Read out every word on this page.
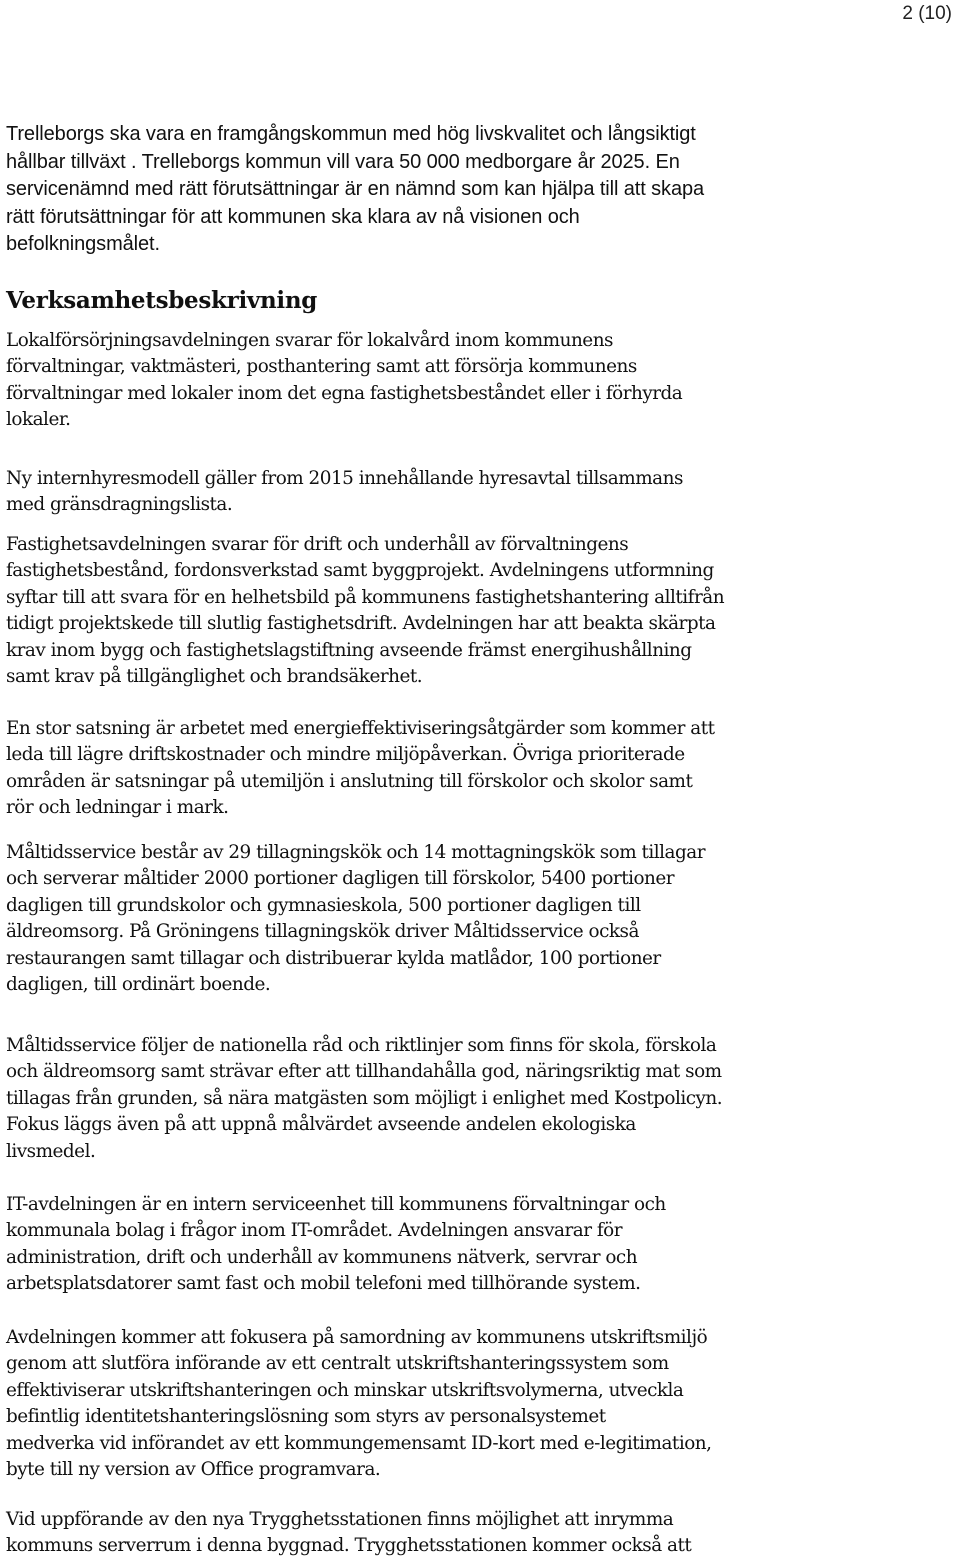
2 (10)

Trelleborgs ska vara en framgångskommun med hög livskvalitet och långsiktigt
hållbar tillväxt . Trelleborgs kommun vill vara 50 000 medborgare år 2025. En
servicenämnd med rätt förutsättningar är en nämnd som kan hjälpa till att skapa
rätt förutsättningar för att kommunen ska klara av nå visionen och
befolkningsmålet.

Verksamhetsbeskrivning

Lokalförsörjningsavdelningen svarar för lokalvård inom kommunens
förvaltningar, vaktmästeri, posthantering samt att försörja kommunens
förvaltningar med lokaler inom det egna fastighetsbeståndet eller i förhyrda
lokaler.

Ny internhyresmodell gäller from 2015 innehållande hyresavtal tillsammans
med gränsdragningslista.

Fastighetsavdelningen svarar för drift och underhåll av förvaltningens
fastighetsbestånd, fordonsverkstad samt byggprojekt. Avdelningens utformning
syftar till att svara för en helhetsbild på kommunens fastighetshantering alltifrån
tidigt projektskede till slutlig fastighetsdrift. Avdelningen har att beakta skärpta
krav inom bygg och fastighetslagstiftning avseende främst energihushållning
samt krav på tillgänglighet och brandsäkerhet.

En stor satsning är arbetet med energieffektiviseringsåtgärder som kommer att
leda till lägre driftskostnader och mindre miljöpåverkan. Övriga prioriterade
områden är satsningar på utemiljön i anslutning till förskolor och skolor samt
rör och ledningar i mark.

Måltidsservice består av 29 tillagningskök och 14 mottagningskök som tillagar
och serverar måltider 2000 portioner dagligen till förskolor, 5400 portioner
dagligen till grundskolor och gymnasieskola, 500 portioner dagligen till
äldreomsorg. På Gröningens tillagningskök driver Måltidsservice också
restaurangen samt tillagar och distribuerar kylda matlådor, 100 portioner
dagligen, till ordinärt boende.

Måltidsservice följer de nationella råd och riktlinjer som finns för skola, förskola
och äldreomsorg samt strävar efter att tillhandahålla god, näringsriktig mat som
tillagas från grunden, så nära matgästen som möjligt i enlighet med Kostpolicyn.
Fokus läggs även på att uppnå målvärdet avseende andelen ekologiska
livsmedel.

IT-avdelningen är en intern serviceenhet till kommunens förvaltningar och
kommunala bolag i frågor inom IT-området. Avdelningen ansvarar för
administration, drift och underhåll av kommunens nätverk, servrar och
arbetsplatsdatorer samt fast och mobil telefoni med tillhörande system.

Avdelningen kommer att fokusera på samordning av kommunens utskriftsmiljö
genom att slutföra införande av ett centralt utskriftshanteringssystem som
effektiviserar utskriftshanteringen och minskar utskriftsvolymerna, utveckla
befintlig identitetshanteringslösning som styrs av personalsystemet
medverka vid införandet av ett kommungemensamt ID-kort med e-legitimation,
byte till ny version av Office programvara.

Vid uppförande av den nya Trygghetsstationen finns möjlighet att inrymma
kommuns serverrum i denna byggnad. Trygghetsstationen kommer också att
